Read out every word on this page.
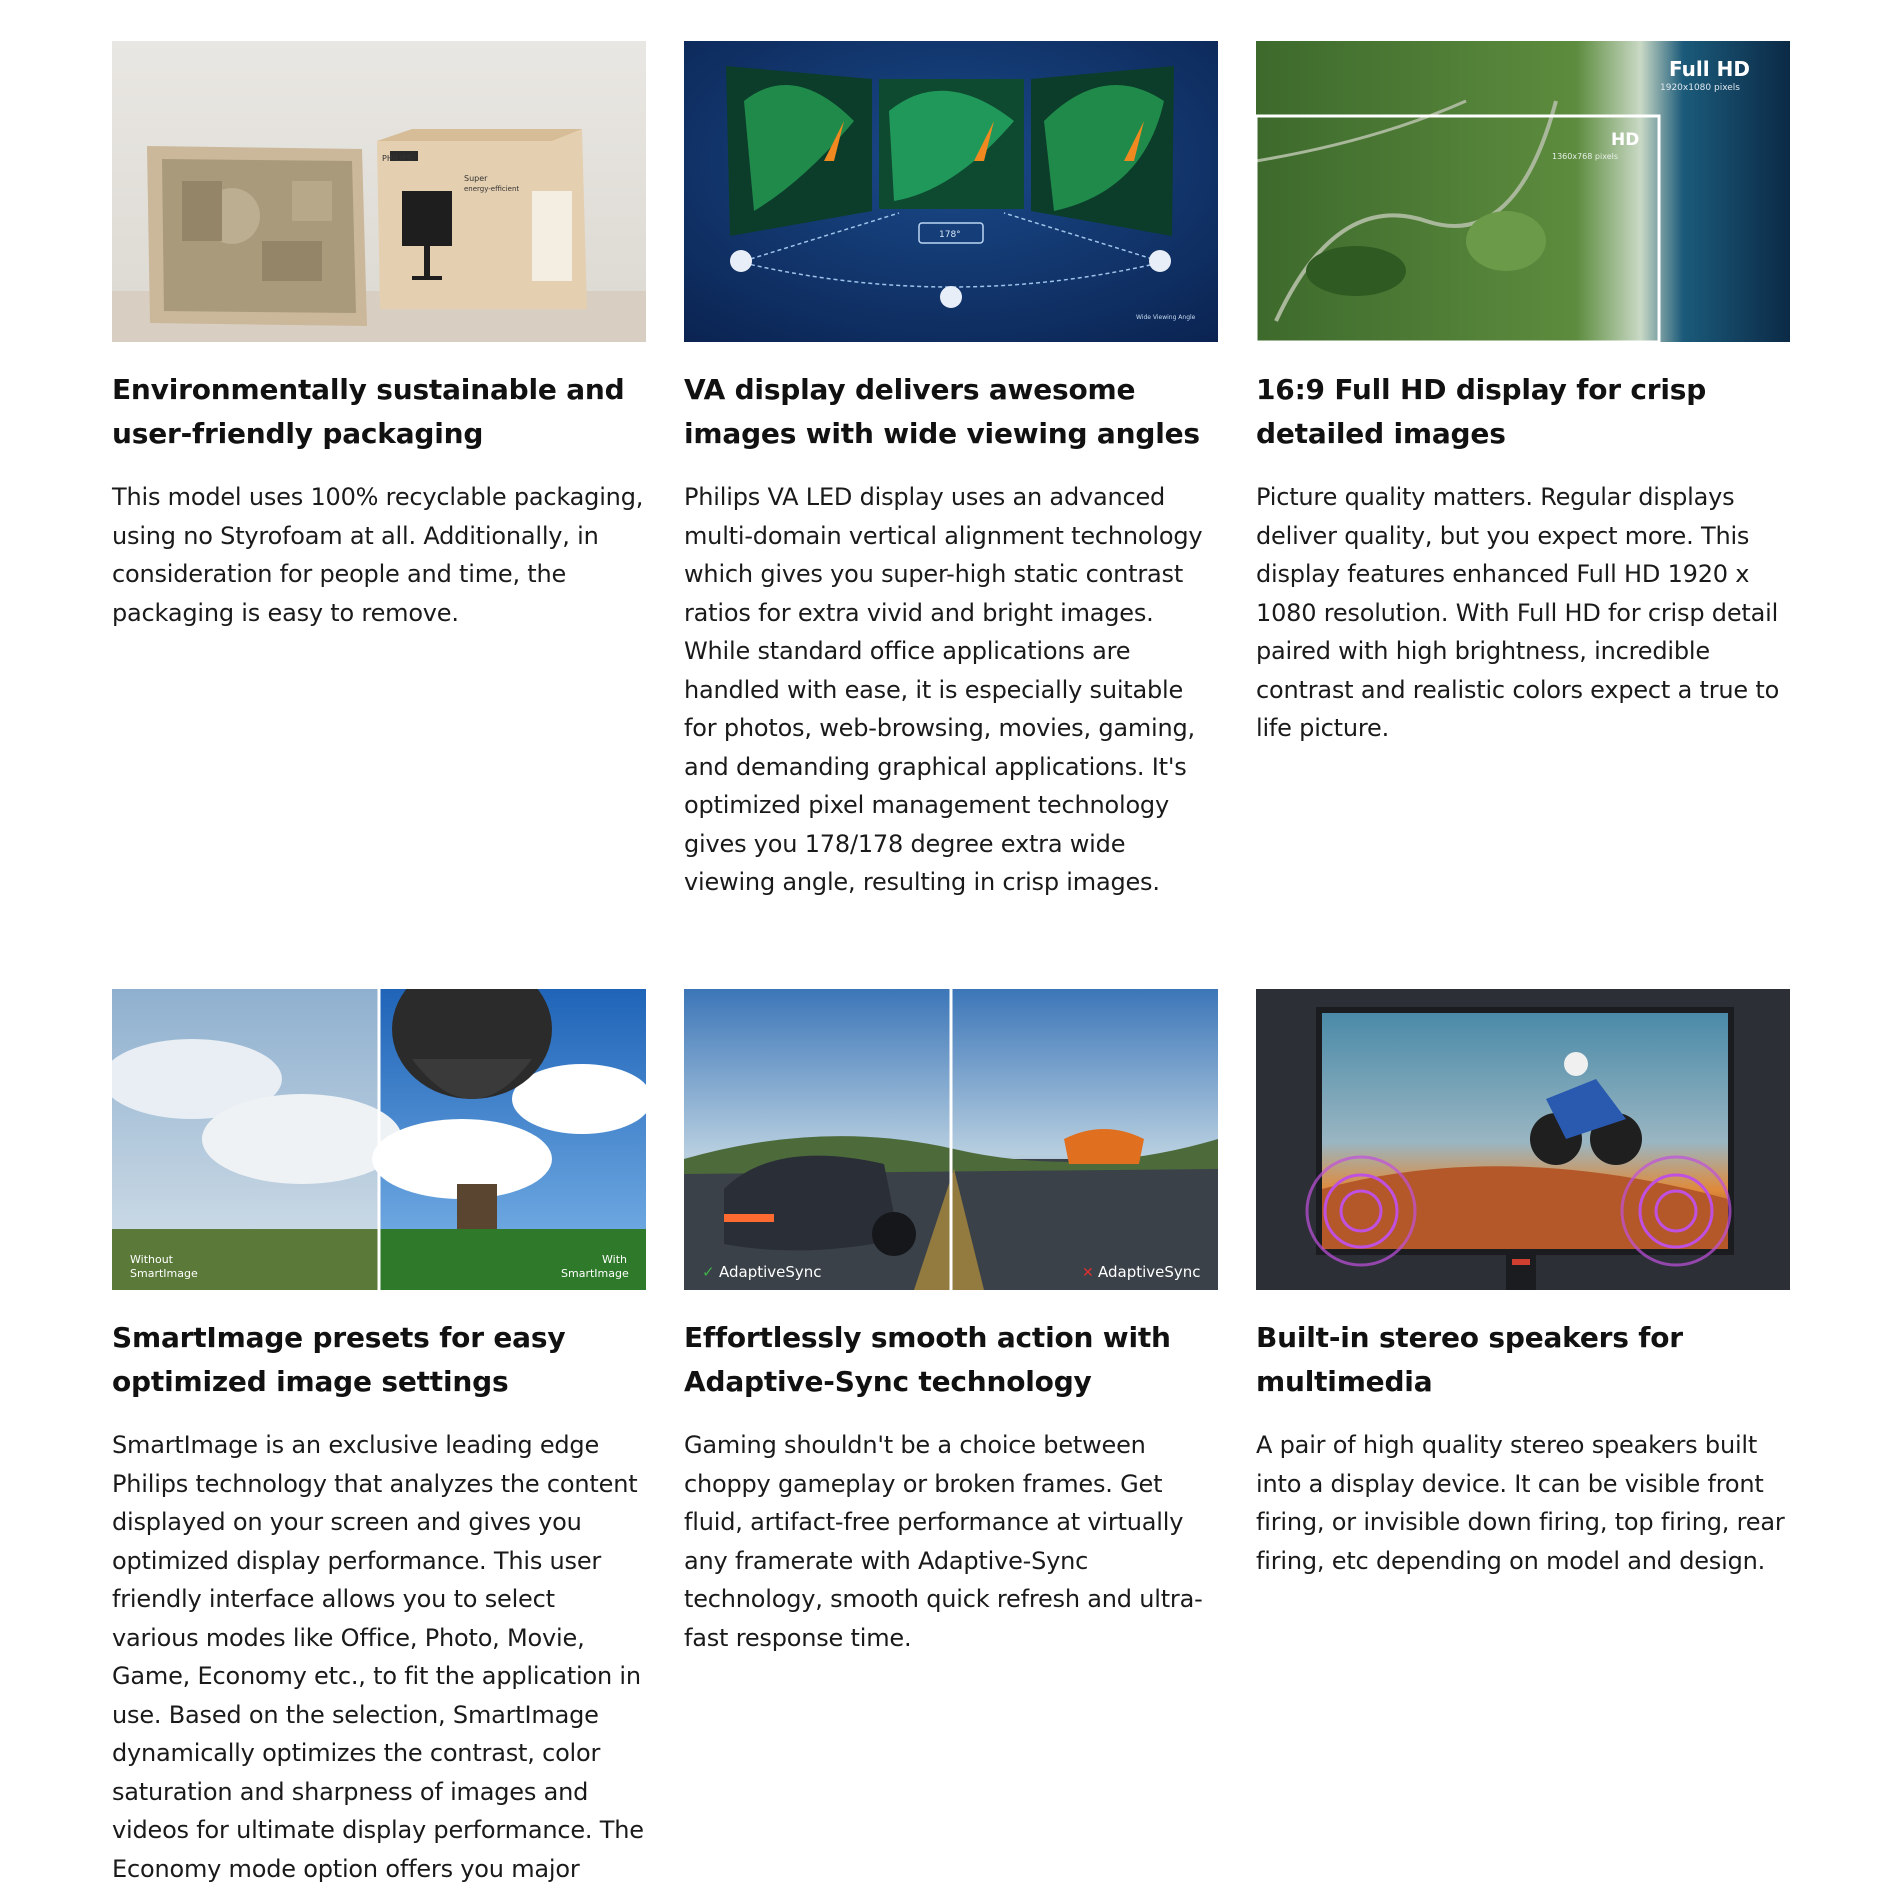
PHILIPS
Super
energy-efficient
Environmentally sustainable and user-friendly packaging

This model uses 100% recyclable packaging, using no Styrofoam at all. Additionally, in consideration for people and time, the packaging is easy to remove.

178°
Wide Viewing Angle
VA display delivers awesome images with wide viewing angles

Philips VA LED display uses an advanced multi-domain vertical alignment technology which gives you super-high static contrast ratios for extra vivid and bright images. While standard office applications are handled with ease, it is especially suitable for photos, web-browsing, movies, gaming, and demanding graphical applications. It's optimized pixel management technology gives you 178/178 degree extra wide viewing angle, resulting in crisp images.

Full HD
1920x1080 pixels
HD
1360x768 pixels
16:9 Full HD display for crisp detailed images

Picture quality matters. Regular displays deliver quality, but you expect more. This display features enhanced Full HD 1920 x 1080 resolution. With Full HD for crisp detail paired with high brightness, incredible contrast and realistic colors expect a true to life picture.

Without
SmartImage
With
SmartImage
SmartImage presets for easy optimized image settings

SmartImage is an exclusive leading edge Philips technology that analyzes the content displayed on your screen and gives you optimized display performance. This user friendly interface allows you to select various modes like Office, Photo, Movie, Game, Economy etc., to fit the application in use. Based on the selection, SmartImage dynamically optimizes the contrast, color saturation and sharpness of images and videos for ultimate display performance. The Economy mode option offers you major

✓ AdaptiveSync	✕ AdaptiveSync
Effortlessly smooth action with Adaptive-Sync technology

Gaming shouldn't be a choice between choppy gameplay or broken frames. Get fluid, artifact-free performance at virtually any framerate with Adaptive-Sync technology, smooth quick refresh and ultra-fast response time.

Built-in stereo speakers for multimedia

A pair of high quality stereo speakers built into a display device. It can be visible front firing, or invisible down firing, top firing, rear firing, etc depending on model and design.
